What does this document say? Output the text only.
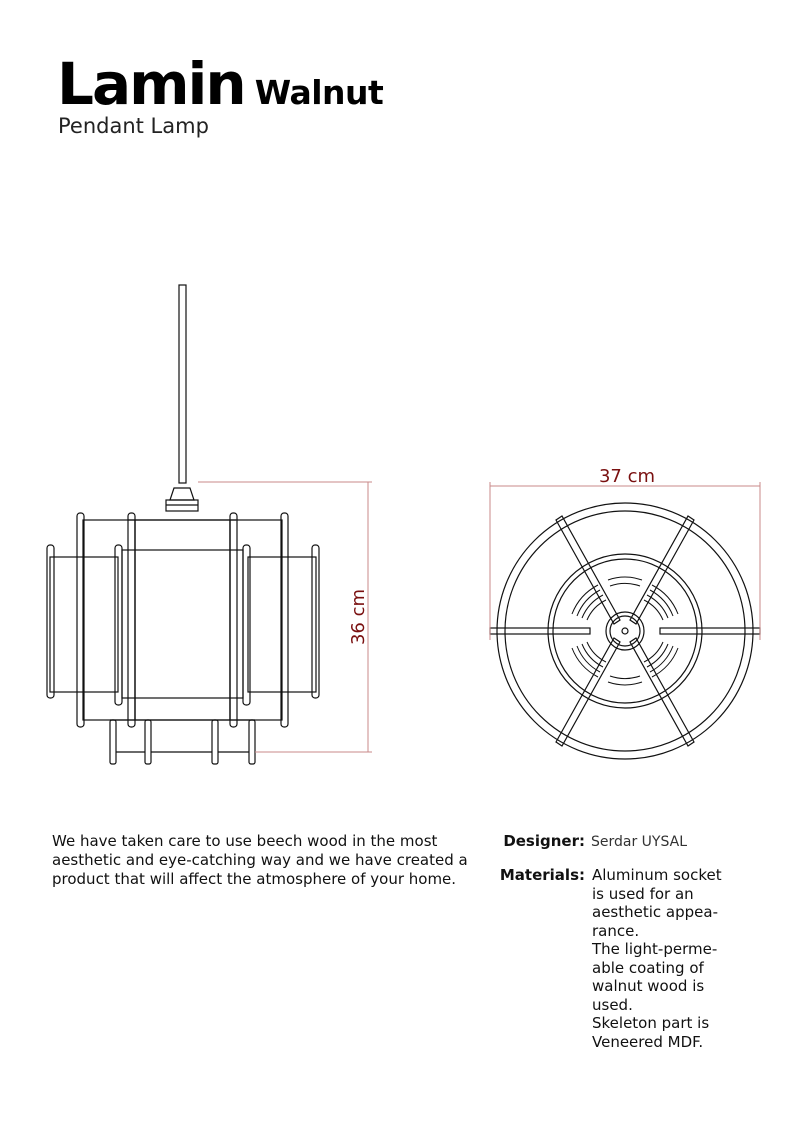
Lamin Walnut
Pendant Lamp
36 cm
37 cm
We have taken care to use beech wood in the most aesthetic and eye-catching way and we have created a product that will affect the atmosphere of your home.
Designer: Serdar UYSAL
Materials: Aluminum socket
is used for an
aesthetic appea-
rance.
The light-perme-
able coating of
walnut wood is
used.
Skeleton part is
Veneered MDF.
